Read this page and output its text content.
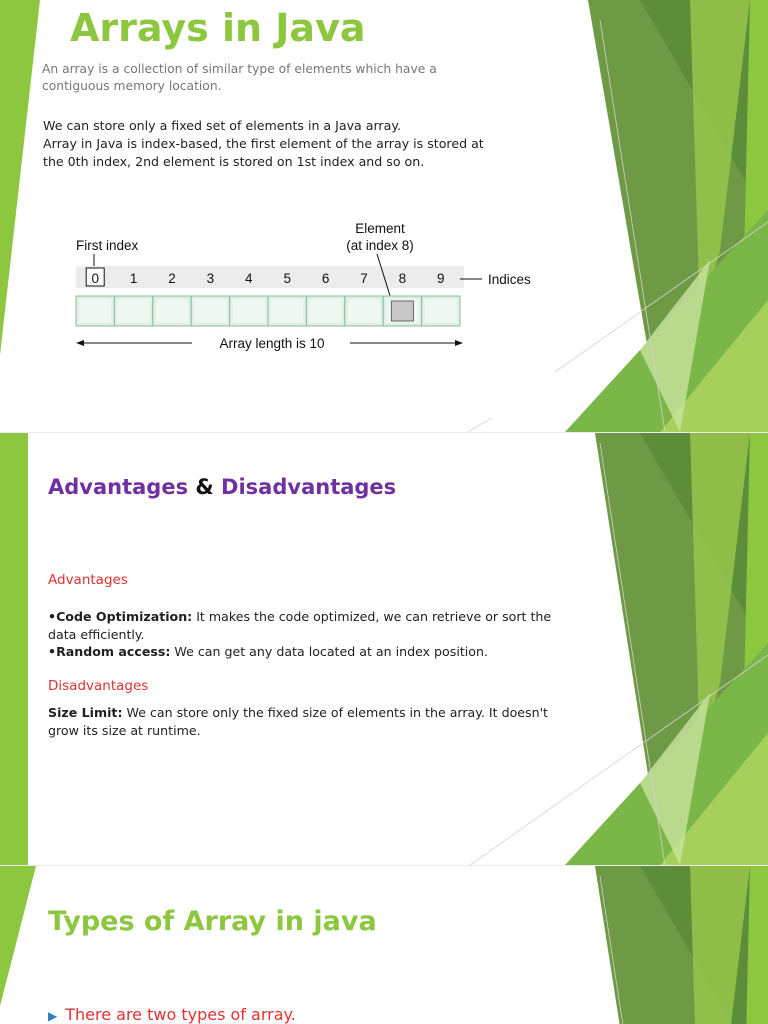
Arrays in Java

An array is a collection of similar type of elements which have a contiguous memory location.

We can store only a fixed set of elements in a Java array.
Array in Java is index-based, the first element of the array is stored at
the 0th index, 2nd element is stored on 1st index and so on.
First index
Element
(at index 8)
0 1 2 3 4 5 6 7 8 9	Indices
Array length is 10
Advantages & Disadvantages
Advantages
•Code Optimization: It makes the code optimized, we can retrieve or sort the data efficiently.
•Random access: We can get any data located at an index position.
Disadvantages
Size Limit: We can store only the fixed size of elements in the array. It doesn't grow its size at runtime.
Types of Array in java
▶ There are two types of array.
